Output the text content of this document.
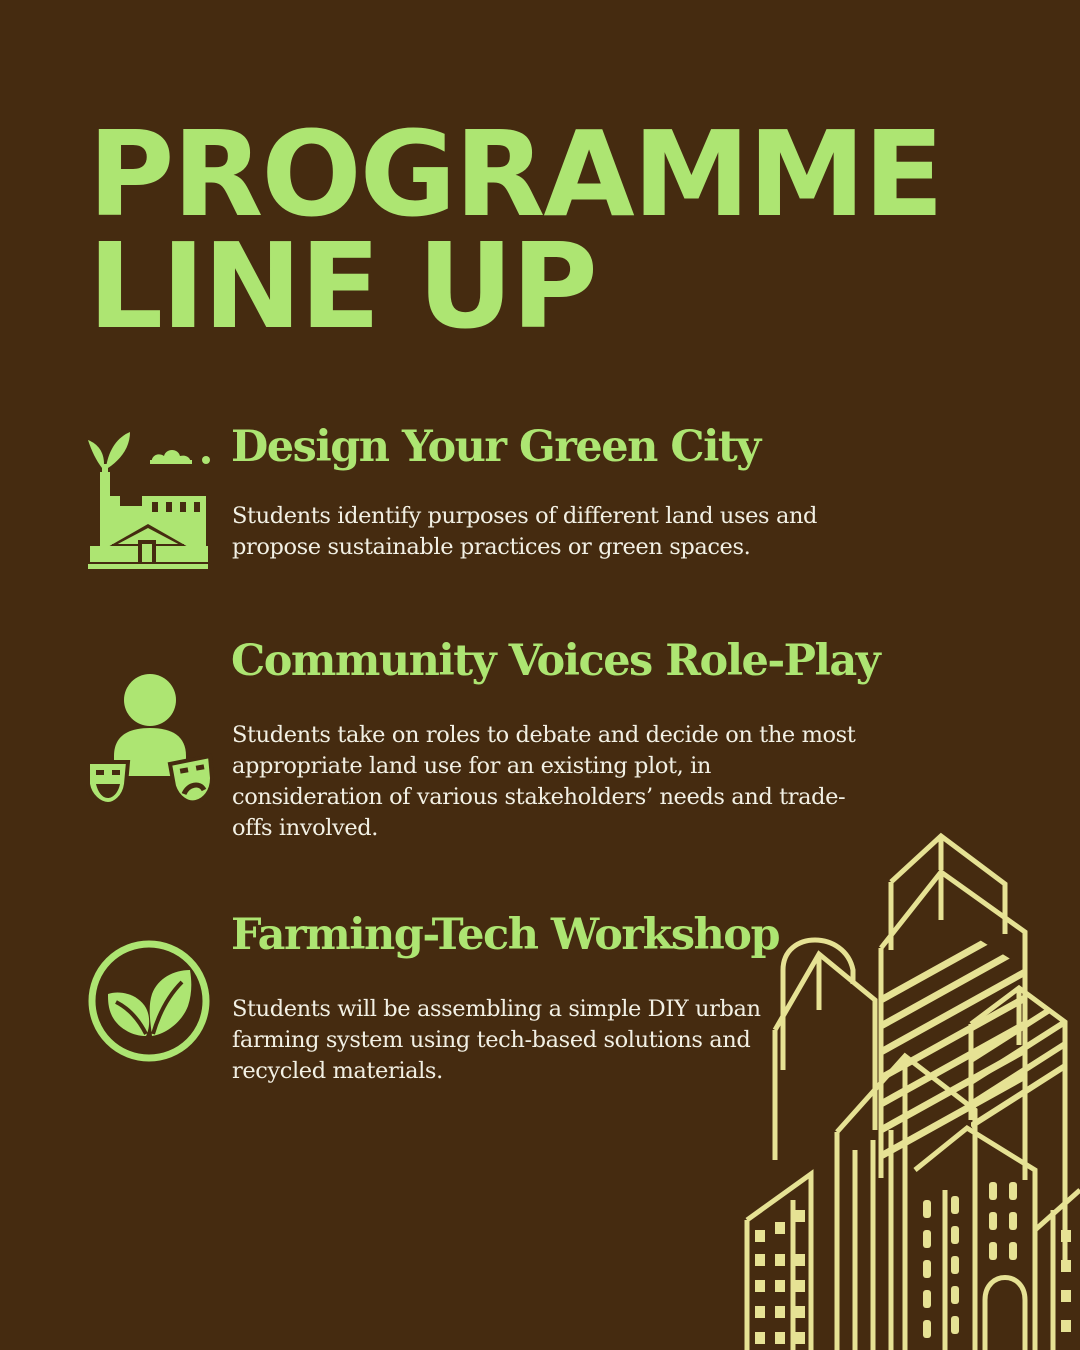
PROGRAMME
LINE UP
Design Your Green City

Students identify purposes of different land uses and propose sustainable practices or green spaces.

Community Voices Role-Play

Students take on roles to debate and decide on the most appropriate land use for an existing plot, in consideration of various stakeholders’ needs and trade-offs involved.

Farming-Tech Workshop

Students will be assembling a simple DIY urban farming system using tech-based solutions and recycled materials.
